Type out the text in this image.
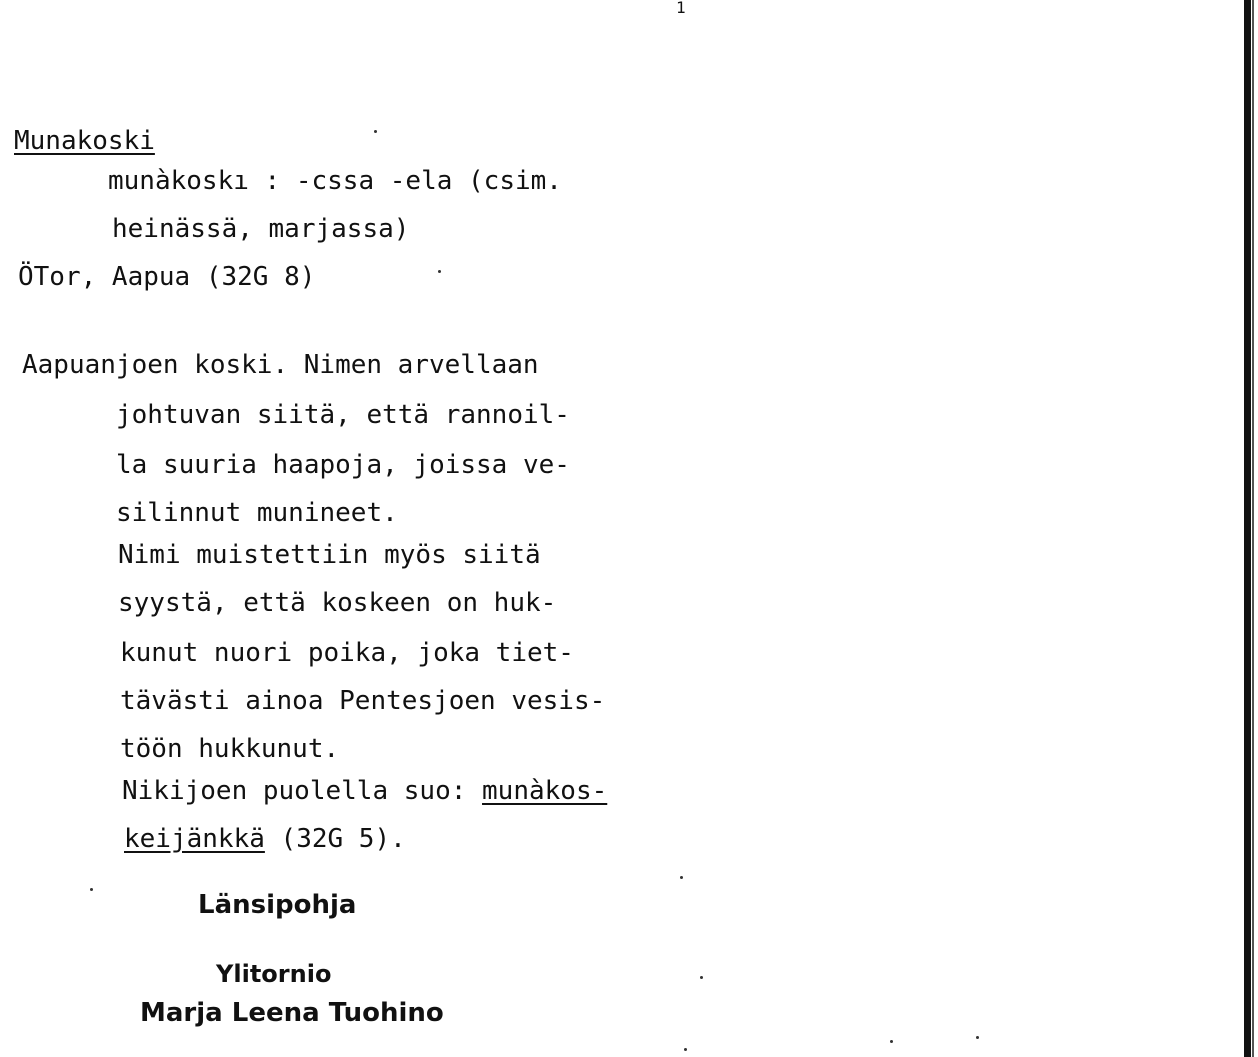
1
Munakoski
munàkoskı : -cssa -ela (csim.
heinässä, marjassa)
ÖTor, Aapua (32G 8)
Aapuanjoen koski. Nimen arvellaan
johtuvan siitä, että rannoil-
la suuria haapoja, joissa ve-
silinnut munineet.
Nimi muistettiin myös siitä
syystä, että koskeen on huk-
kunut nuori poika, joka tiet-
tävästi ainoa Pentesjoen vesis-
töön hukkunut.
Nikijoen puolella suo: munàkos-
keijänkkä (32G 5).
Länsipohja
Ylitornio
Marja Leena Tuohino
